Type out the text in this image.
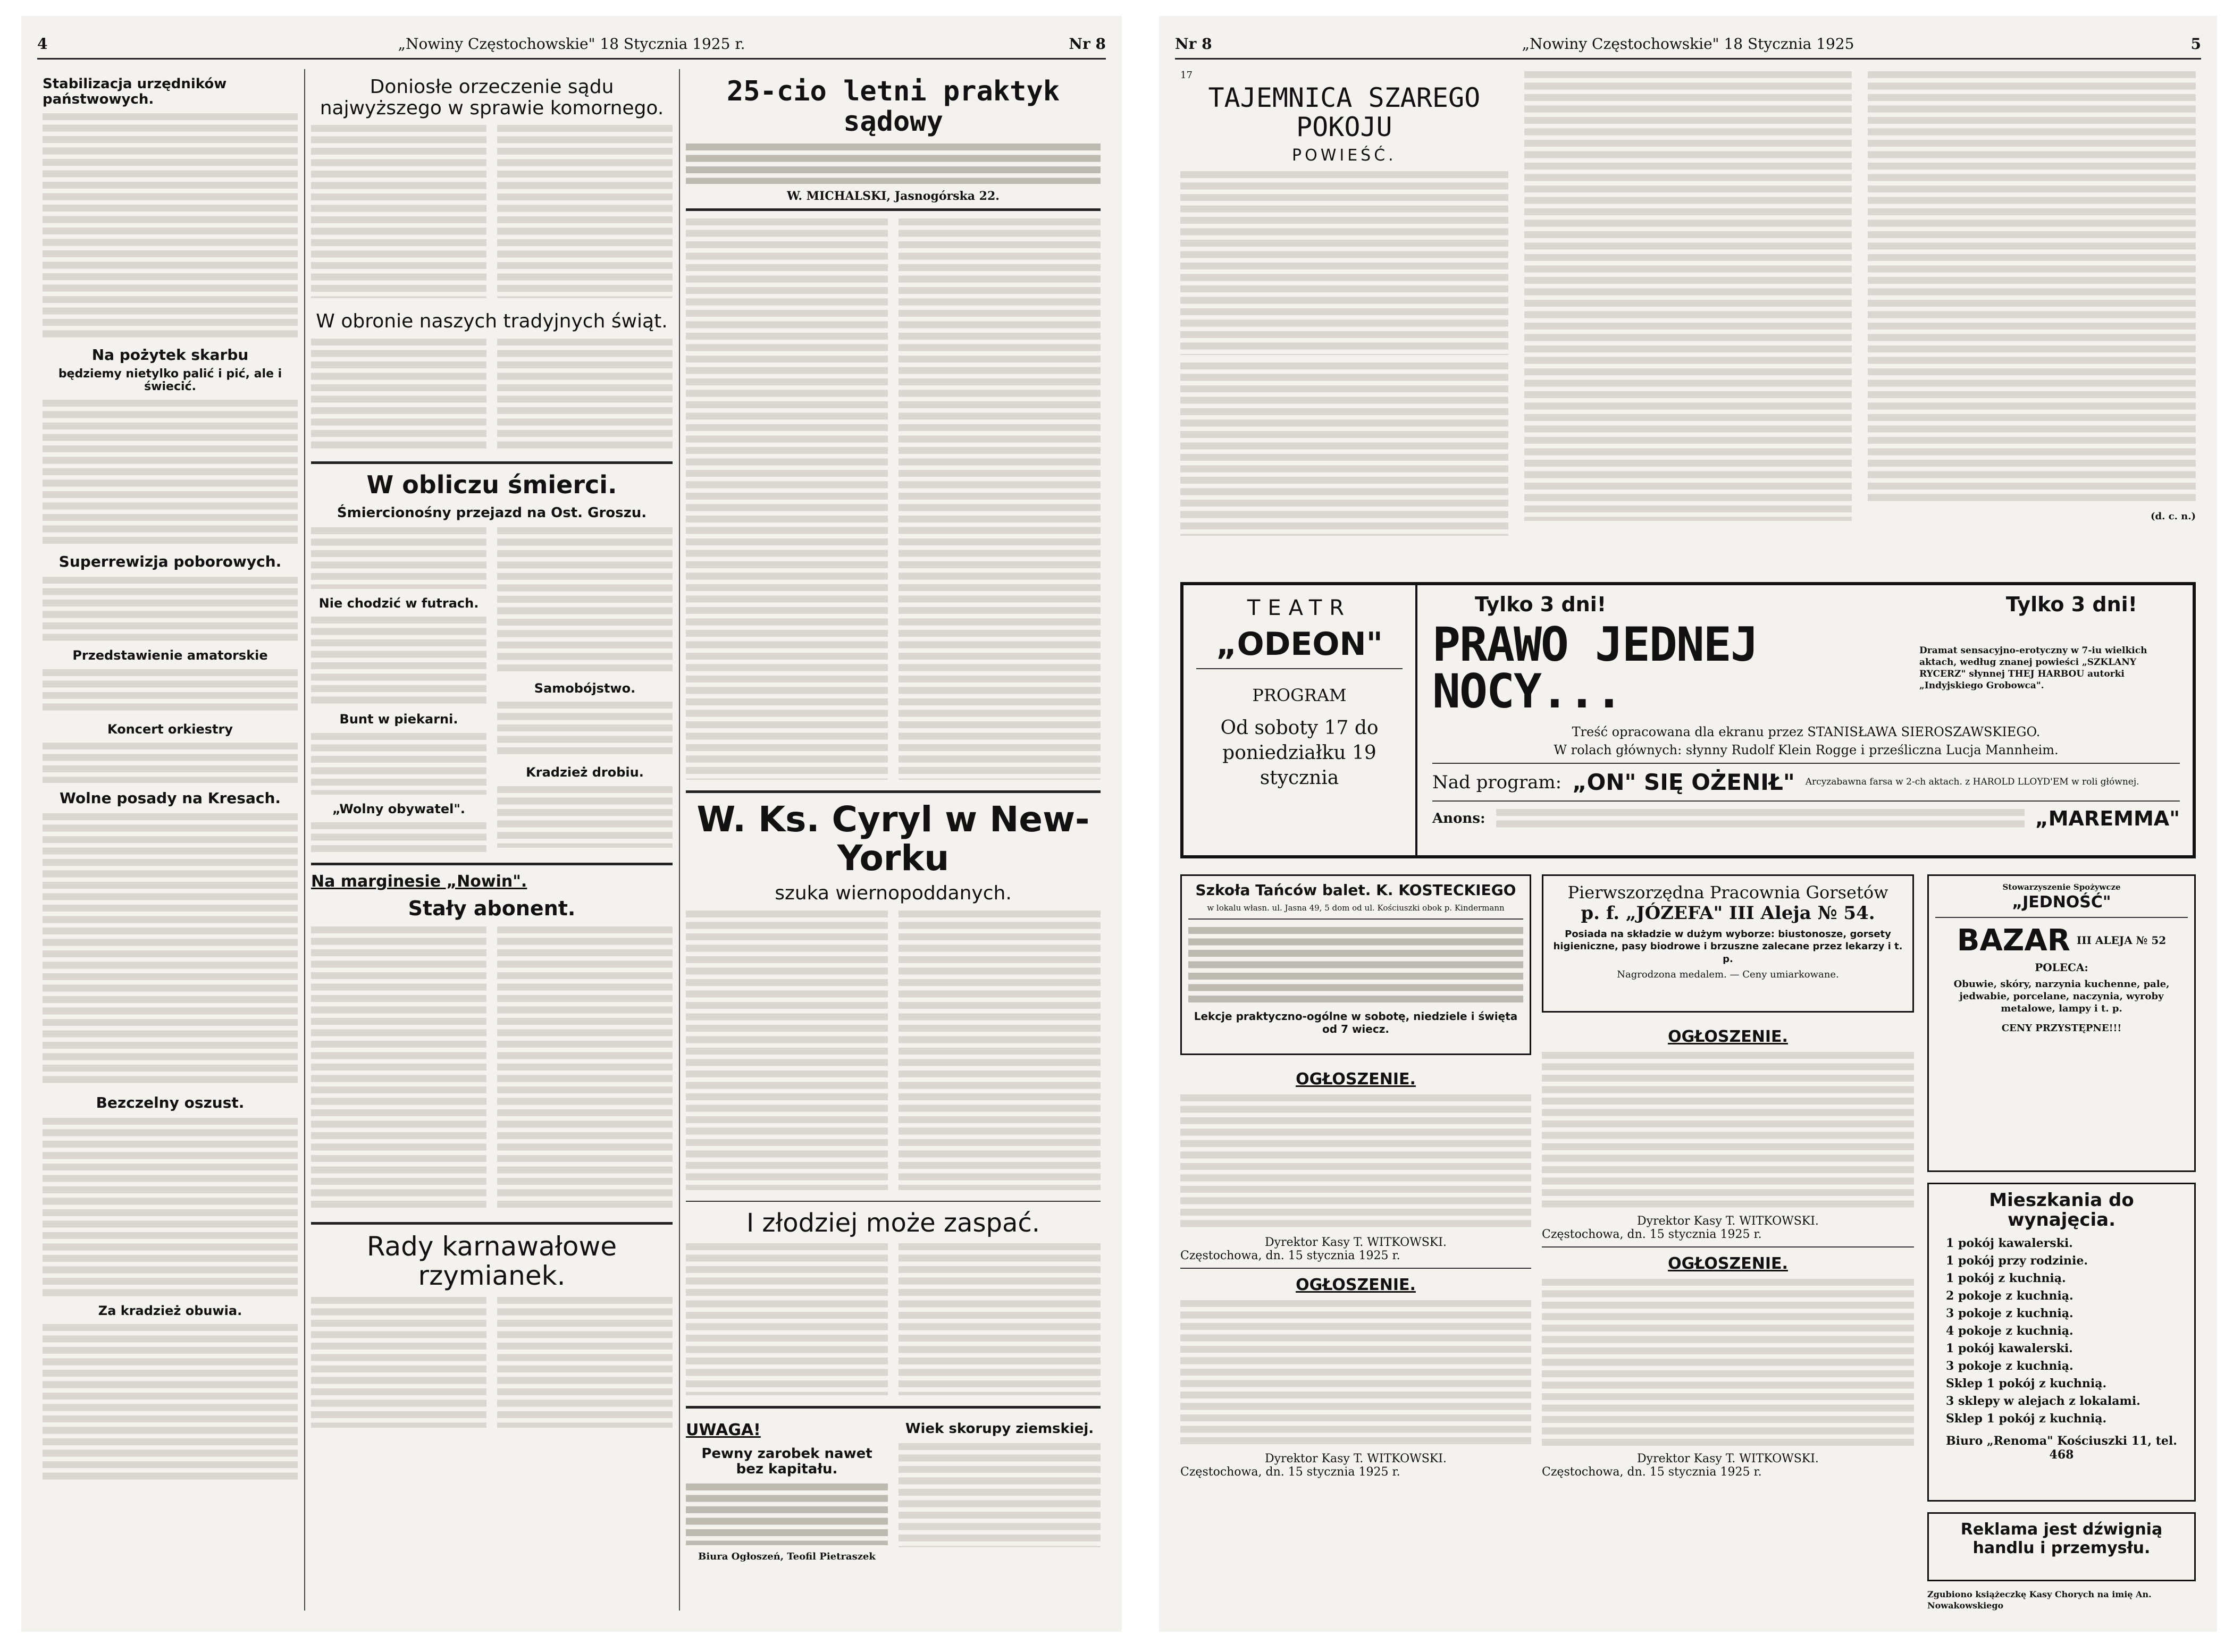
4	„Nowiny Częstochowskie" 18 Stycznia 1925 r.	Nr 8
Stabilizacja urzędników państwowych.
Na pożytek skarbu
będziemy nietylko palić i pić, ale i świecić.
Superrewizja poborowych.
Przedstawienie amatorskie
Koncert orkiestry
Wolne posady na Kresach.
Bezczelny oszust.
Za kradzież obuwia.
Doniosłe orzeczenie sądu najwyższego w sprawie komornego.
W obronie naszych tradyjnych świąt.
W obliczu śmierci.
Śmiercionośny przejazd na Ost. Groszu.
Nie chodzić w futrach.
Bunt w piekarni.
„Wolny obywatel".
Samobójstwo.
Kradzież drobiu.
Na marginesie „Nowin".
Stały abonent.
Rady karnawałowe rzymianek.
25-cio letni praktyk sądowy
W. MICHALSKI, Jasnogórska 22.
W. Ks. Cyryl w New-Yorku
szuka wiernopoddanych.
I złodziej może zaspać.
UWAGA!
Pewny zarobek nawet bez kapitału.
Biura Ogłoszeń, Teofil Pietraszek
Wiek skorupy ziemskiej.
Nr 8	„Nowiny Częstochowskie" 18 Stycznia 1925	5
17
TAJEMNICA SZAREGO POKOJU
POWIEŚĆ.
(d. c. n.)
TEATR
„ODEON"
PROGRAM
Od soboty 17 do poniedziałku 19 stycznia
Tylko 3 dni!	Tylko 3 dni!
PRAWO JEDNEJ NOCY...
Dramat sensacyjno-erotyczny w 7-iu wielkich aktach, według znanej powieści „SZKLANY RYCERZ" słynnej THEJ HARBOU autorki „Indyjskiego Grobowca".
Treść opracowana dla ekranu przez STANISŁAWA SIEROSZAWSKIEGO.
W rolach głównych: słynny Rudolf Klein Rogge i prześliczna Lucja Mannheim.
Nad program: „ON" SIĘ OŻENIŁ" Arcyzabawna farsa w 2-ch aktach. z HAROLD LLOYD'EM w roli głównej.
Anons:	„MAREMMA"
Szkoła Tańców balet. K. KOSTECKIEGO
w lokalu własn. ul. Jasna 49, 5 dom od ul. Kościuszki obok p. Kindermann
Lekcje praktyczno-ogólne w sobotę, niedziele i święta od 7 wiecz.
Pierwszorzędna Pracownia Gorsetów
p. f. „JÓZEFA" III Aleja № 54.
Posiada na składzie w dużym wyborze: biustonosze, gorsety higieniczne, pasy biodrowe i brzuszne zalecane przez lekarzy i t. p.
Nagrodzona medalem. — Ceny umiarkowane.
OGŁOSZENIE.
Dyrektor Kasy T. WITKOWSKI.
Częstochowa, dn. 15 stycznia 1925 r.
OGŁOSZENIE.
Dyrektor Kasy T. WITKOWSKI.
Częstochowa, dn. 15 stycznia 1925 r.
OGŁOSZENIE.
Dyrektor Kasy T. WITKOWSKI.
Częstochowa, dn. 15 stycznia 1925 r.
OGŁOSZENIE.
Dyrektor Kasy T. WITKOWSKI.
Częstochowa, dn. 15 stycznia 1925 r.
Stowarzyszenie Spożywcze
„JEDNOŚĆ"
BAZAR III ALEJA № 52
POLECA:
Obuwie, skóry, narzynia kuchenne, pale, jedwabie, porcelane, naczynia, wyroby metalowe, lampy i t. p.
CENY PRZYSTĘPNE!!!
Mieszkania do wynajęcia.
1 pokój kawalerski.
1 pokój przy rodzinie.
1 pokój z kuchnią.
2 pokoje z kuchnią.
3 pokoje z kuchnią.
4 pokoje z kuchnią.
1 pokój kawalerski.
3 pokoje z kuchnią.
Sklep 1 pokój z kuchnią.
3 sklepy w alejach z lokalami.
Sklep 1 pokój z kuchnią.
Biuro „Renoma" Kościuszki 11, tel. 468
Reklama jest dźwignią handlu i przemysłu.
Zgubiono książeczkę Kasy Chorych na imię An. Nowakowskiego
